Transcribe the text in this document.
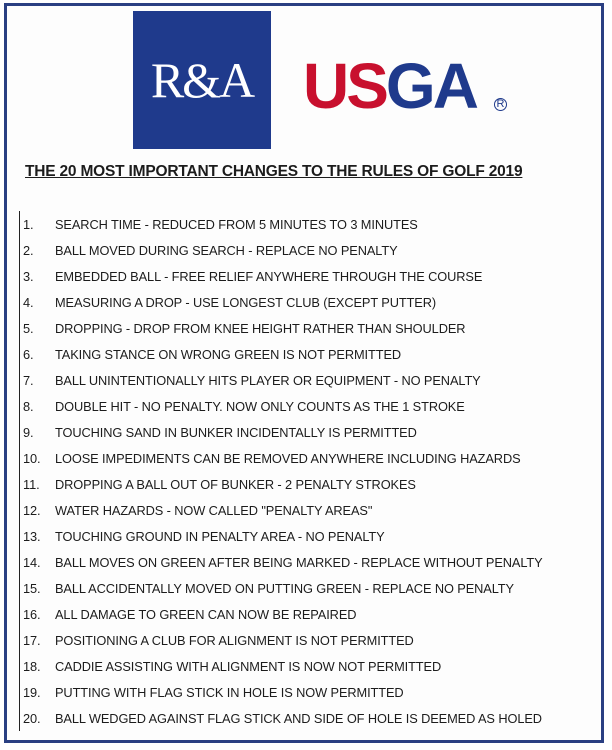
R&A USGA R
THE 20 MOST IMPORTANT CHANGES TO THE RULES OF GOLF 2019
1.	SEARCH TIME - REDUCED FROM 5 MINUTES TO 3 MINUTES
2.	BALL MOVED DURING SEARCH - REPLACE NO PENALTY
3.	EMBEDDED BALL - FREE RELIEF ANYWHERE THROUGH THE COURSE
4.	MEASURING A DROP - USE LONGEST CLUB (EXCEPT PUTTER)
5.	DROPPING - DROP FROM KNEE HEIGHT RATHER THAN SHOULDER
6.	TAKING STANCE ON WRONG GREEN IS NOT PERMITTED
7.	BALL UNINTENTIONALLY HITS PLAYER OR EQUIPMENT - NO PENALTY
8.	DOUBLE HIT - NO PENALTY. NOW ONLY COUNTS AS THE 1 STROKE
9.	TOUCHING SAND IN BUNKER INCIDENTALLY IS PERMITTED
10.	LOOSE IMPEDIMENTS CAN BE REMOVED ANYWHERE INCLUDING HAZARDS
11.	DROPPING A BALL OUT OF BUNKER - 2 PENALTY STROKES
12.	WATER HAZARDS - NOW CALLED "PENALTY AREAS"
13.	TOUCHING GROUND IN PENALTY AREA - NO PENALTY
14.	BALL MOVES ON GREEN AFTER BEING MARKED - REPLACE WITHOUT PENALTY
15.	BALL ACCIDENTALLY MOVED ON PUTTING GREEN - REPLACE NO PENALTY
16.	ALL DAMAGE TO GREEN CAN NOW BE REPAIRED
17.	POSITIONING A CLUB FOR ALIGNMENT IS NOT PERMITTED
18.	CADDIE ASSISTING WITH ALIGNMENT IS NOW NOT PERMITTED
19.	PUTTING WITH FLAG STICK IN HOLE IS NOW PERMITTED
20.	BALL WEDGED AGAINST FLAG STICK AND SIDE OF HOLE IS DEEMED AS HOLED
